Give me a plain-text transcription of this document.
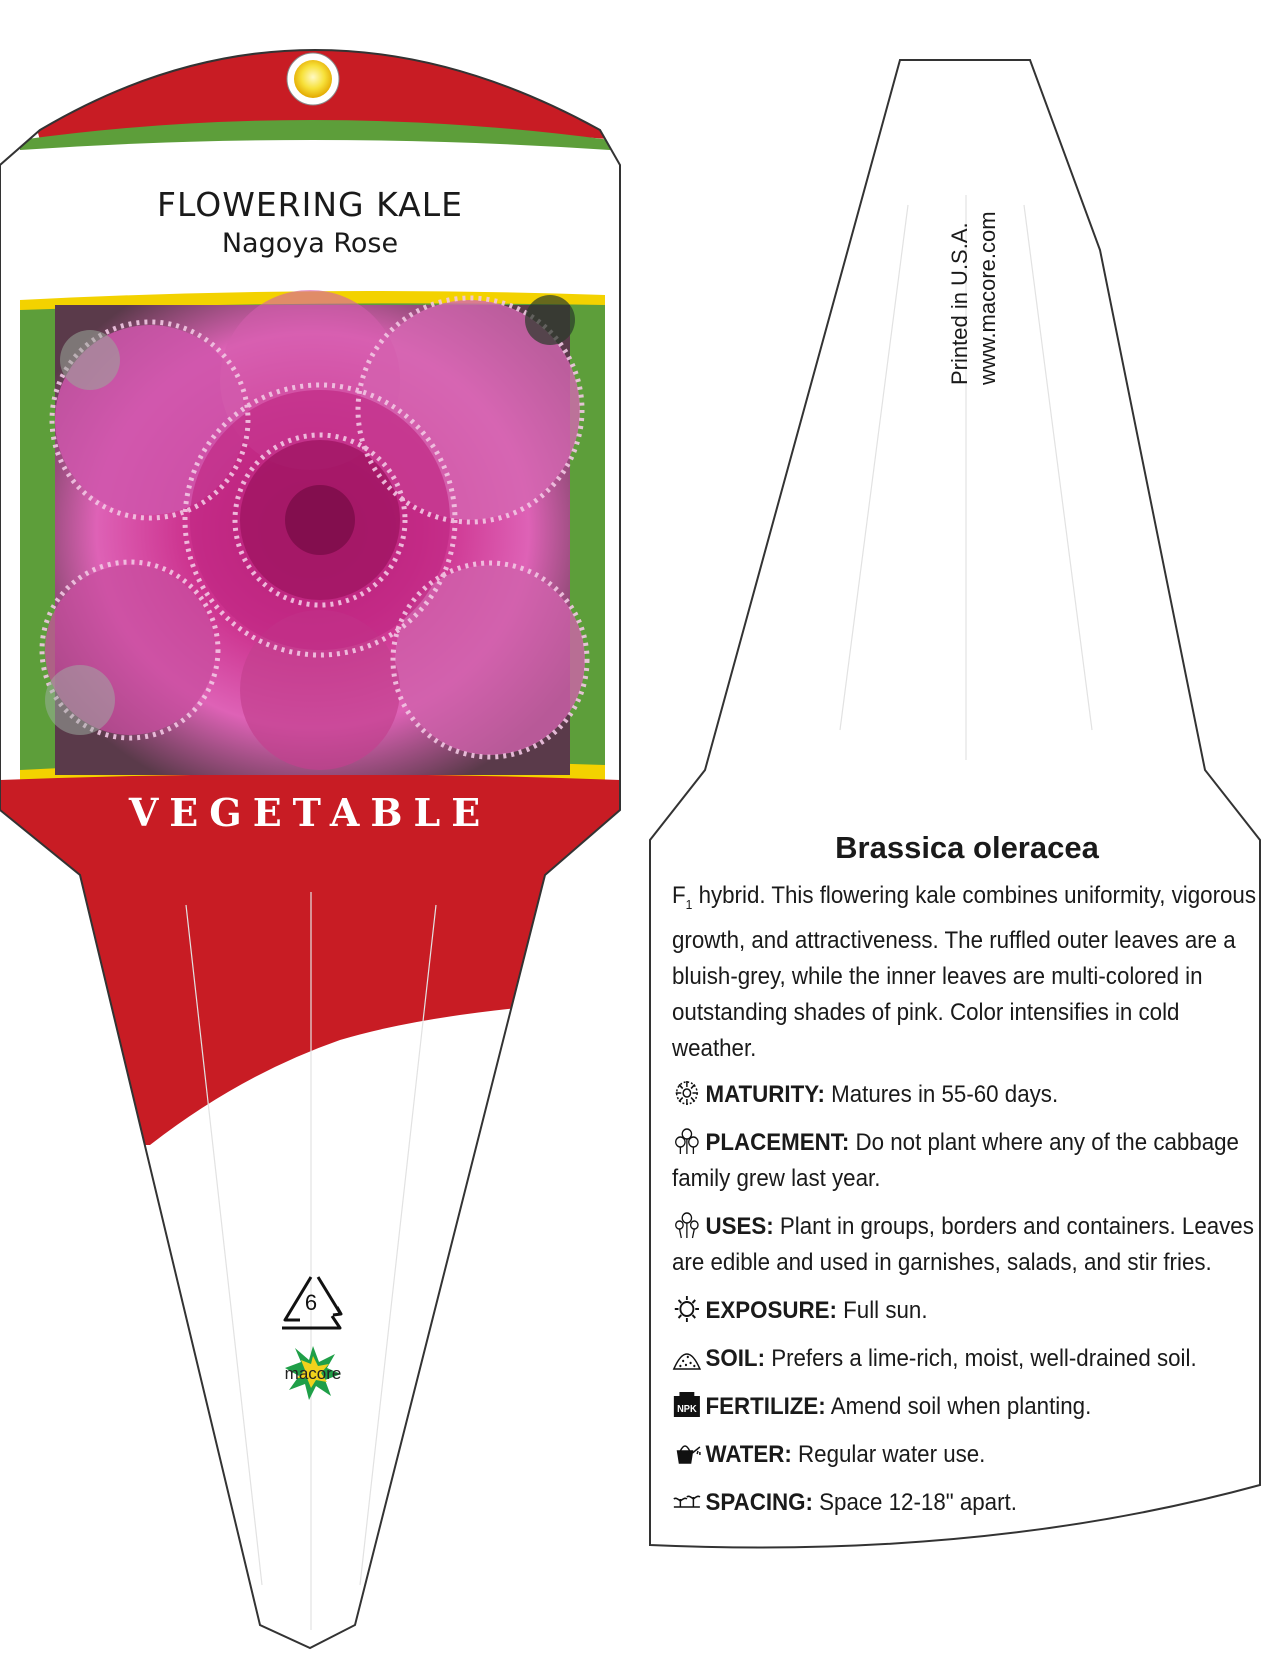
FLOWERING KALE
Nagoya Rose
VEGETABLE
6
macore
Printed in U.S.A. www.macore.com
Brassica oleracea

$F_1$ hybrid. This flowering kale combines uniformity, vigorous growth, and attractiveness. The ruffled outer leaves are a bluish-grey, while the inner leaves are multi-colored in outstanding shades of pink. Color intensifies in cold weather.

MATURITY: Matures in 55-60 days.
PLACEMENT: Do not plant where any of the cabbage family grew last year.
USES: Plant in groups, borders and containers. Leaves are edible and used in garnishes, salads, and stir fries.
EXPOSURE: Full sun.
SOIL: Prefers a lime-rich, moist, well-drained soil.
NPK FERTILIZE: Amend soil when planting.
WATER: Regular water use.
SPACING: Space 12-18" apart.
